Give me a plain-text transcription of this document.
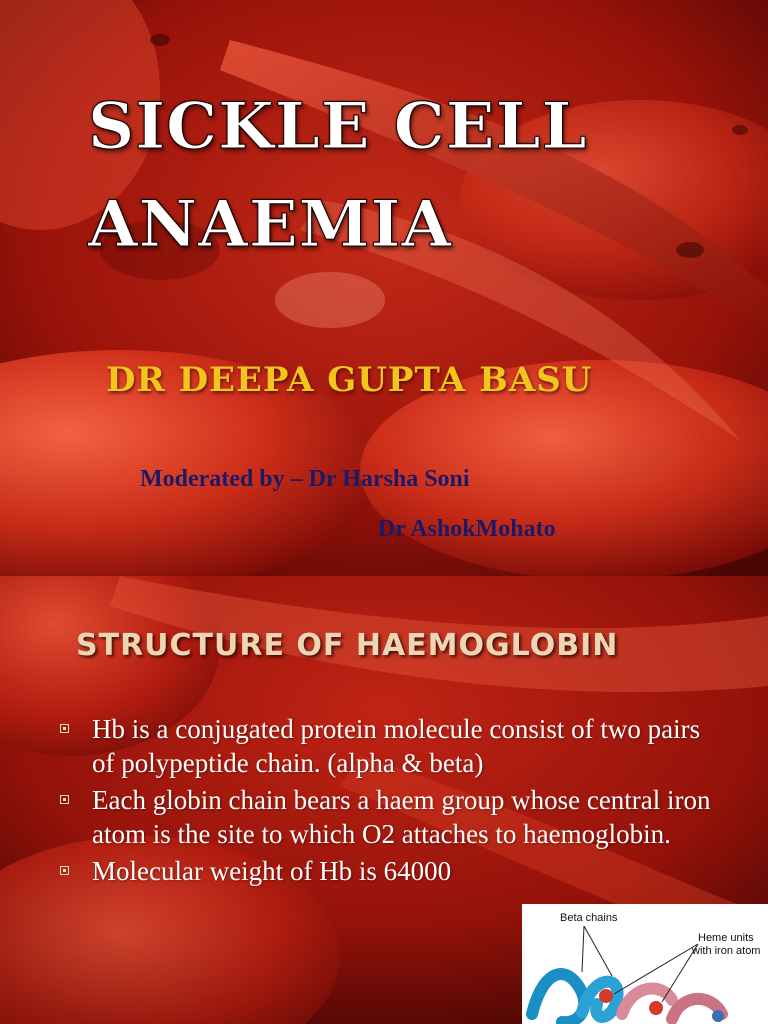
SICKLE CELL
ANAEMIA

DR DEEPA GUPTA BASU

Moderated by – Dr Harsha Soni

Dr AshokMohato

STRUCTURE OF HAEMOGLOBIN
Hb is a conjugated protein molecule consist of two pairs of polypeptide chain. (alpha & beta)
Each globin chain bears a haem group whose central iron atom is the site to which O2 attaches to haemoglobin.
Molecular weight of Hb is 64000
Beta chains
Heme units
with iron atom
